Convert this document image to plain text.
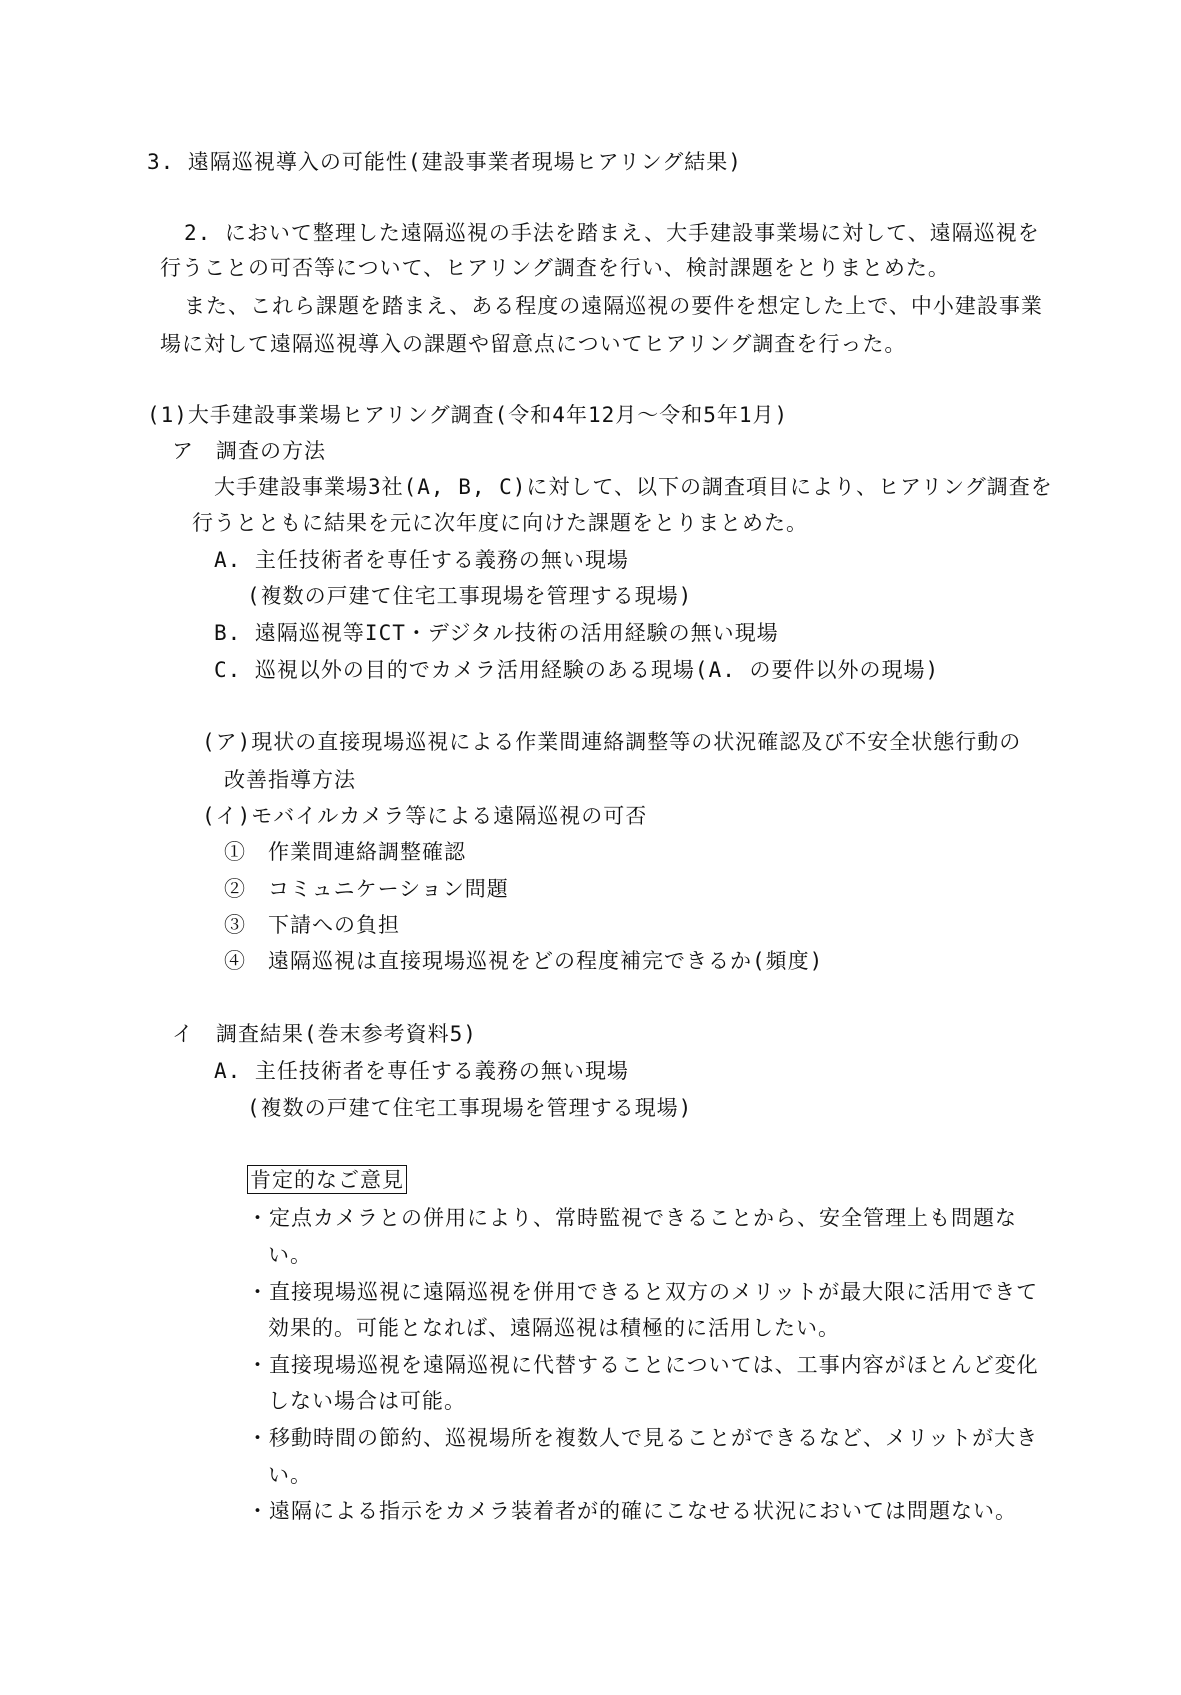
3. 遠隔巡視導入の可能性(建設事業者現場ヒアリング結果)
2. において整理した遠隔巡視の手法を踏まえ、大手建設事業場に対して、遠隔巡視を
行うことの可否等について、ヒアリング調査を行い、検討課題をとりまとめた。
また、これら課題を踏まえ、ある程度の遠隔巡視の要件を想定した上で、中小建設事業
場に対して遠隔巡視導入の課題や留意点についてヒアリング調査を行った。
(1)大手建設事業場ヒアリング調査(令和4年12月～令和5年1月)
ア　調査の方法
大手建設事業場3社(A, B, C)に対して、以下の調査項目により、ヒアリング調査を
行うとともに結果を元に次年度に向けた課題をとりまとめた。
A. 主任技術者を専任する義務の無い現場
(複数の戸建て住宅工事現場を管理する現場)
B. 遠隔巡視等ICT・デジタル技術の活用経験の無い現場
C. 巡視以外の目的でカメラ活用経験のある現場(A. の要件以外の現場)
(ア)現状の直接現場巡視による作業間連絡調整等の状況確認及び不安全状態行動の
改善指導方法
(イ)モバイルカメラ等による遠隔巡視の可否
①　作業間連絡調整確認
②　コミュニケーション問題
③　下請への負担
④　遠隔巡視は直接現場巡視をどの程度補完できるか(頻度)
イ　調査結果(巻末参考資料5)
A. 主任技術者を専任する義務の無い現場
(複数の戸建て住宅工事現場を管理する現場)
肯定的なご意見
・定点カメラとの併用により、常時監視できることから、安全管理上も問題な
い。
・直接現場巡視に遠隔巡視を併用できると双方のメリットが最大限に活用できて
効果的。可能となれば、遠隔巡視は積極的に活用したい。
・直接現場巡視を遠隔巡視に代替することについては、工事内容がほとんど変化
しない場合は可能。
・移動時間の節約、巡視場所を複数人で見ることができるなど、メリットが大き
い。
・遠隔による指示をカメラ装着者が的確にこなせる状況においては問題ない。
